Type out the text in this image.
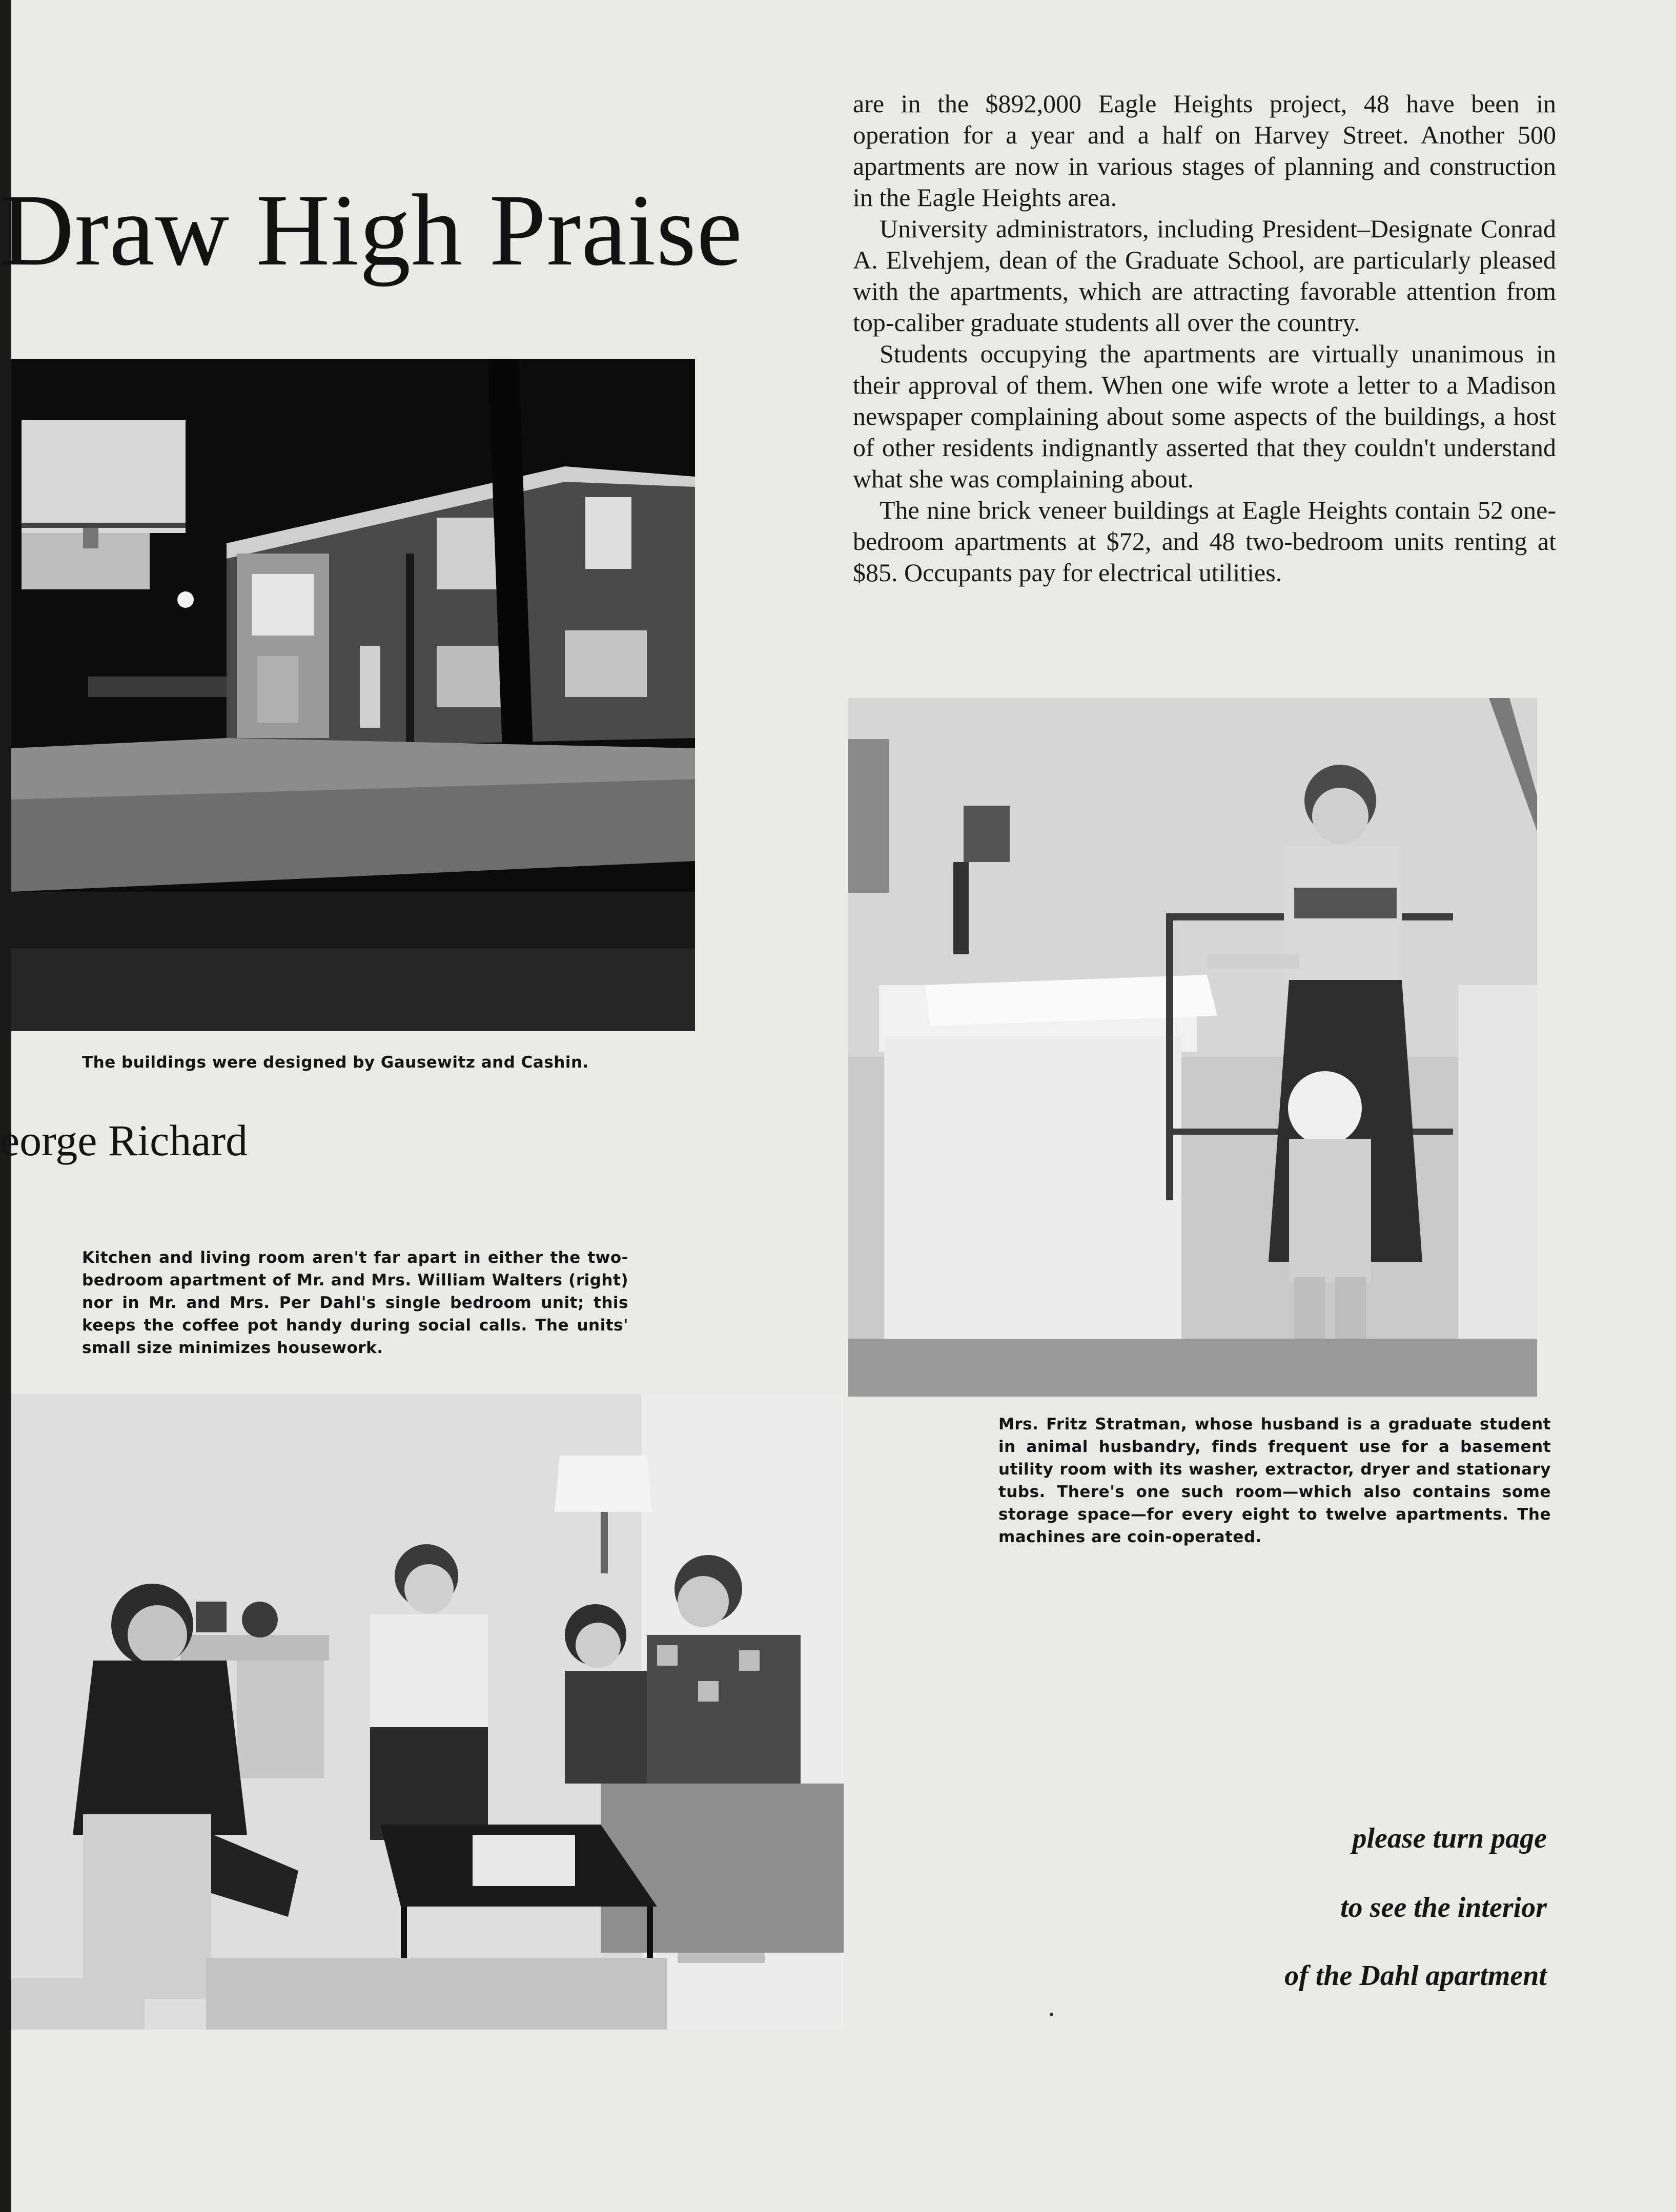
Draw High Praise
The buildings were designed by Gausewitz and Cashin.
eorge Richard
Kitchen and living room aren't far apart in either the two-bedroom apartment of Mr. and Mrs. William Walters (right) nor in Mr. and Mrs. Per Dahl's single bedroom unit; this keeps the coffee pot handy during social calls. The units' small size minimizes housework.

are in the $892,000 Eagle Heights project, 48 have been in operation for a year and a half on Harvey Street. Another 500 apartments are now in various stages of planning and construction in the Eagle Heights area.

University administrators, including President–Designate Conrad A. Elvehjem, dean of the Graduate School, are particularly pleased with the apartments, which are attracting favorable attention from top-caliber graduate students all over the country.

Students occupying the apartments are virtually unanimous in their approval of them. When one wife wrote a letter to a Madison newspaper complaining about some aspects of the buildings, a host of other residents indignantly asserted that they couldn't understand what she was complaining about.

The nine brick veneer buildings at Eagle Heights contain 52 one-bedroom apartments at $72, and 48 two-bedroom units renting at $85. Occupants pay for electrical utilities.

Mrs. Fritz Stratman, whose husband is a graduate student in animal husbandry, finds frequent use for a basement utility room with its washer, extractor, dryer and stationary tubs. There's one such room—which also contains some storage space—for every eight to twelve apartments. The machines are coin-operated.
please turn page
to see the interior
of the Dahl apartment
